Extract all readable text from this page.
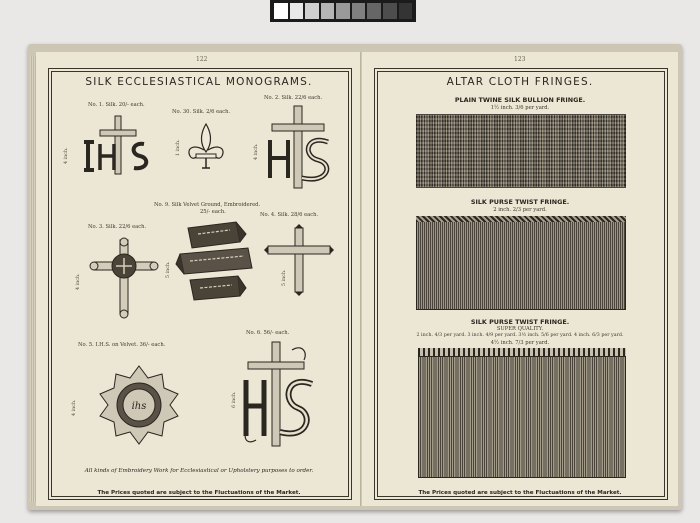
122
SILK ECCLESIASTICAL MONOGRAMS.
No. 1. Silk. 20/- each.
4 inch.
No. 30. Silk. 2/6 each.
1 inch.
No. 2. Silk. 22/6 each.
4 inch.
No. 9. Silk Velvet Ground, Embroidered.
25/- each.
5 inch.
No. 3. Silk. 22/6 each.
4 inch.
No. 4. Silk. 28/6 each.
5 inch.
No. 5. I.H.S. on Velvet. 36/- each.
4 inch.	ihs
No. 6. 56/- each.
6 inch.
All kinds of Embroidery Work for Ecclesiastical or Upholstery purposes to order.
The Prices quoted are subject to the Fluctuations of the Market.
123
ALTAR CLOTH FRINGES.
PLAIN TWINE SILK BULLION FRINGE.
1½ inch. 3/6 per yard.
SILK PURSE TWIST FRINGE.
2 inch. 2/3 per yard.
SILK PURSE TWIST FRINGE.
SUPER QUALITY.
2 inch. 4/3 per yard. 3 inch. 4/9 per yard. 3½ inch. 5/6 per yard. 4 inch. 6/3 per yard.
4½ inch. 7/3 per yard.
The Prices quoted are subject to the Fluctuations of the Market.
